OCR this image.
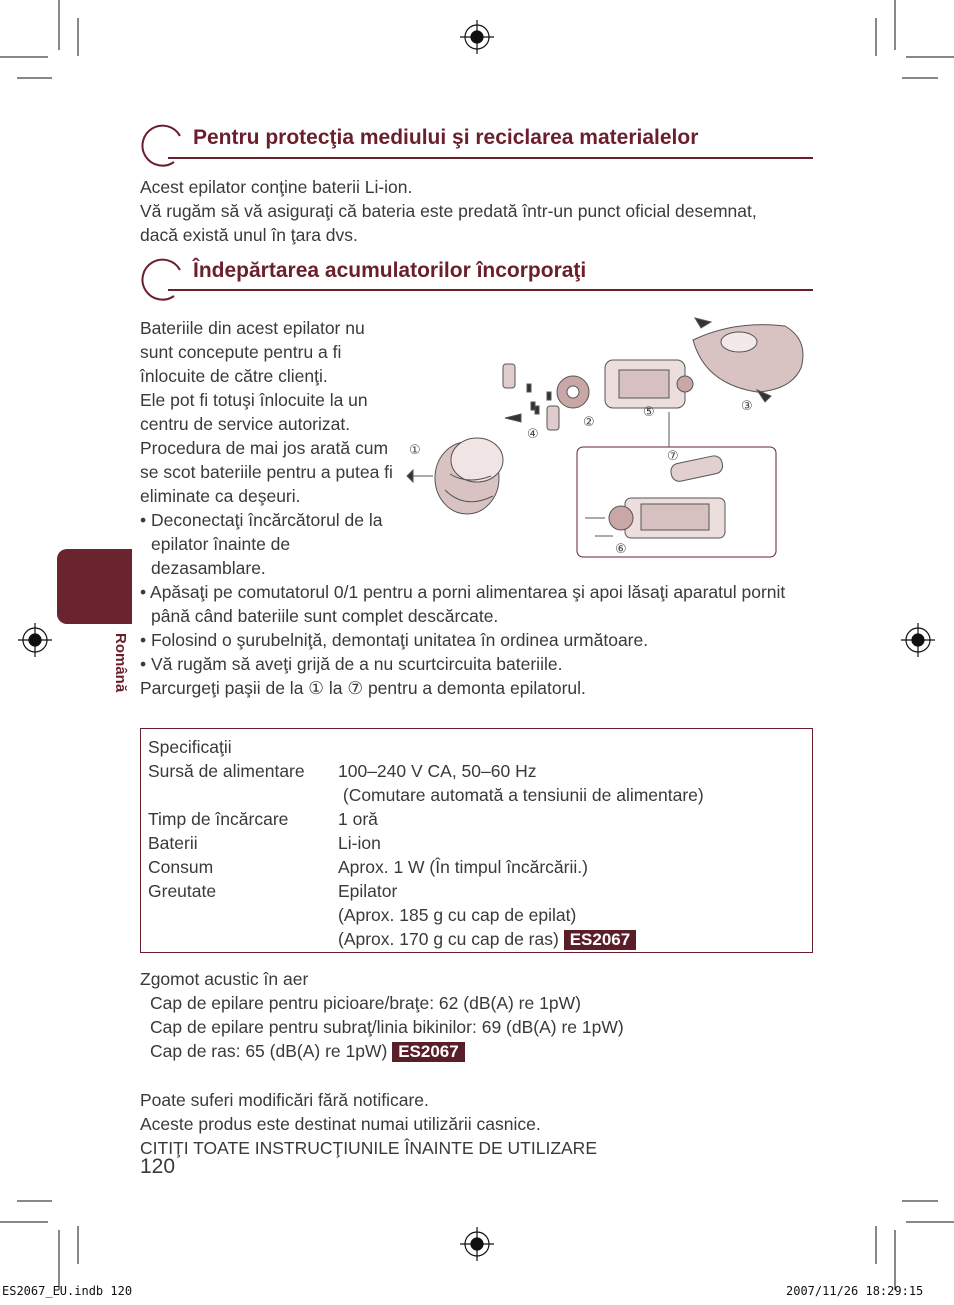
Pentru protecţia mediului şi reciclarea materialelor
Acest epilator conţine baterii Li-ion.
Vă rugăm să vă asiguraţi că bateria este predată într-un punct oficial desemnat,
dacă există unul în ţara dvs.
Îndepărtarea acumulatorilor încorporaţi
Bateriile din acest epilator nu
sunt concepute pentru a fi
înlocuite de către clienţi.
Ele pot fi totuşi înlocuite la un
centru de service autorizat.
Procedura de mai jos arată cum
se scot bateriile pentru a putea fi
eliminate ca deşeuri.
• Deconectaţi încărcătorul de la
epilator înainte de
dezasamblare.
• Apăsaţi pe comutatorul 0/1 pentru a porni alimentarea şi apoi lăsaţi aparatul pornit
până când bateriile sunt complet descărcate.
• Folosind o şurubelniţă, demontaţi unitatea în ordinea următoare.
• Vă rugăm să aveţi grijă de a nu scurtcircuita bateriile.
Parcurgeţi paşii de la ① la ⑦ pentru a demonta epilatorul.
①
②
③
④
⑤
⑥
⑦
Specificaţii
Sursă de alimentare

Timp de încărcare
Baterii
Consum
Greutate
100–240 V CA, 50–60 Hz
(Comutare automată a tensiunii de alimentare)
1 oră
Li-ion
Aprox. 1 W (În timpul încărcării.)
Epilator
(Aprox. 185 g cu cap de epilat)
(Aprox. 170 g cu cap de ras) ES2067
Zgomot acustic în aer
Cap de epilare pentru picioare/braţe: 62 (dB(A) re 1pW)
Cap de epilare pentru subraţ/linia bikinilor: 69 (dB(A) re 1pW)
Cap de ras: 65 (dB(A) re 1pW) ES2067
Poate suferi modificări fără notificare.
Aceste produs este destinat numai utilizării casnice.
CITIŢI TOATE INSTRUCŢIUNILE ÎNAINTE DE UTILIZARE
120
Română
ES2067_EU.indb 120	2007/11/26 18:29:15
